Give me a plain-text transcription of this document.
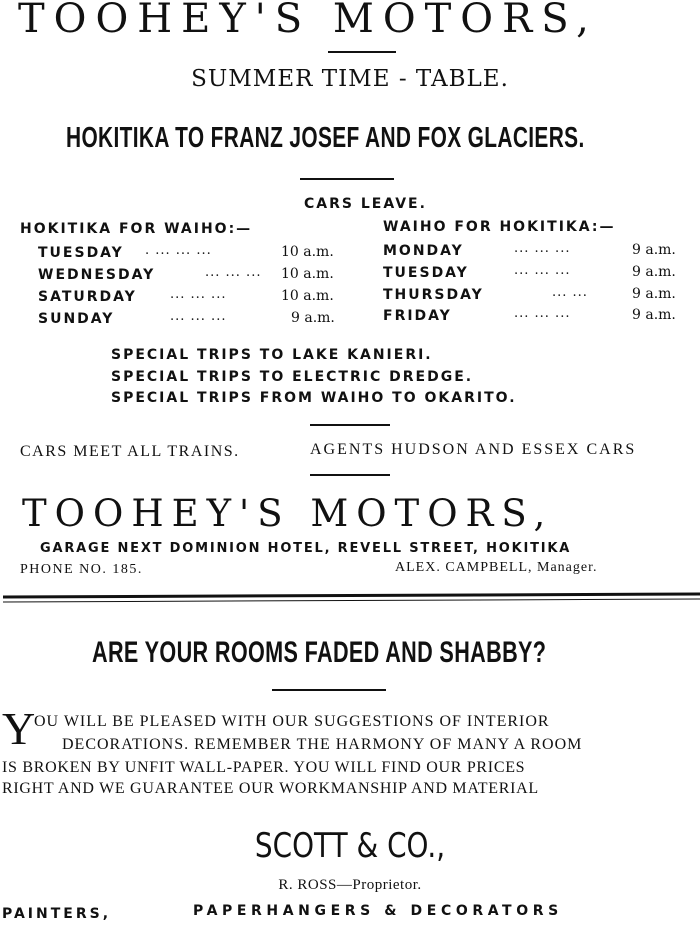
TOOHEY'S MOTORS,
SUMMER TIME - TABLE.
HOKITIKA TO FRANZ JOSEF AND FOX GLACIERS.
CARS LEAVE.
HOKITIKA FOR WAIHO:—
TUESDAY . ... ... ...	10 a.m.
WEDNESDAY	... ... ... 10 a.m.
SATURDAY	... ... ...	10 a.m.
SUNDAY	... ... ...	9 a.m.
WAIHO FOR HOKITIKA:—
MONDAY	... ... ...	9 a.m.
TUESDAY	... ... ...	9 a.m.
THURSDAY	... ...	9 a.m.
FRIDAY	... ... ...	9 a.m.
SPECIAL TRIPS TO LAKE KANIERI.
SPECIAL TRIPS TO ELECTRIC DREDGE.
SPECIAL TRIPS FROM WAIHO TO OKARITO.
CARS MEET ALL TRAINS.	AGENTS HUDSON AND ESSEX CARS
TOOHEY'S MOTORS,
GARAGE NEXT DOMINION HOTEL, REVELL STREET, HOKITIKA
PHONE NO. 185.	ALEX. CAMPBELL, Manager.
ARE YOUR ROOMS FADED AND SHABBY?
Y
OU WILL BE PLEASED WITH OUR SUGGESTIONS OF INTERIOR
DECORATIONS. REMEMBER THE HARMONY OF MANY A ROOM
IS BROKEN BY UNFIT WALL-PAPER. YOU WILL FIND OUR PRICES
RIGHT AND WE GUARANTEE OUR WORKMANSHIP AND MATERIAL
SCOTT & CO.,
R. ROSS—Proprietor.
PAINTERS,	PAPERHANGERS & DECORATORS
